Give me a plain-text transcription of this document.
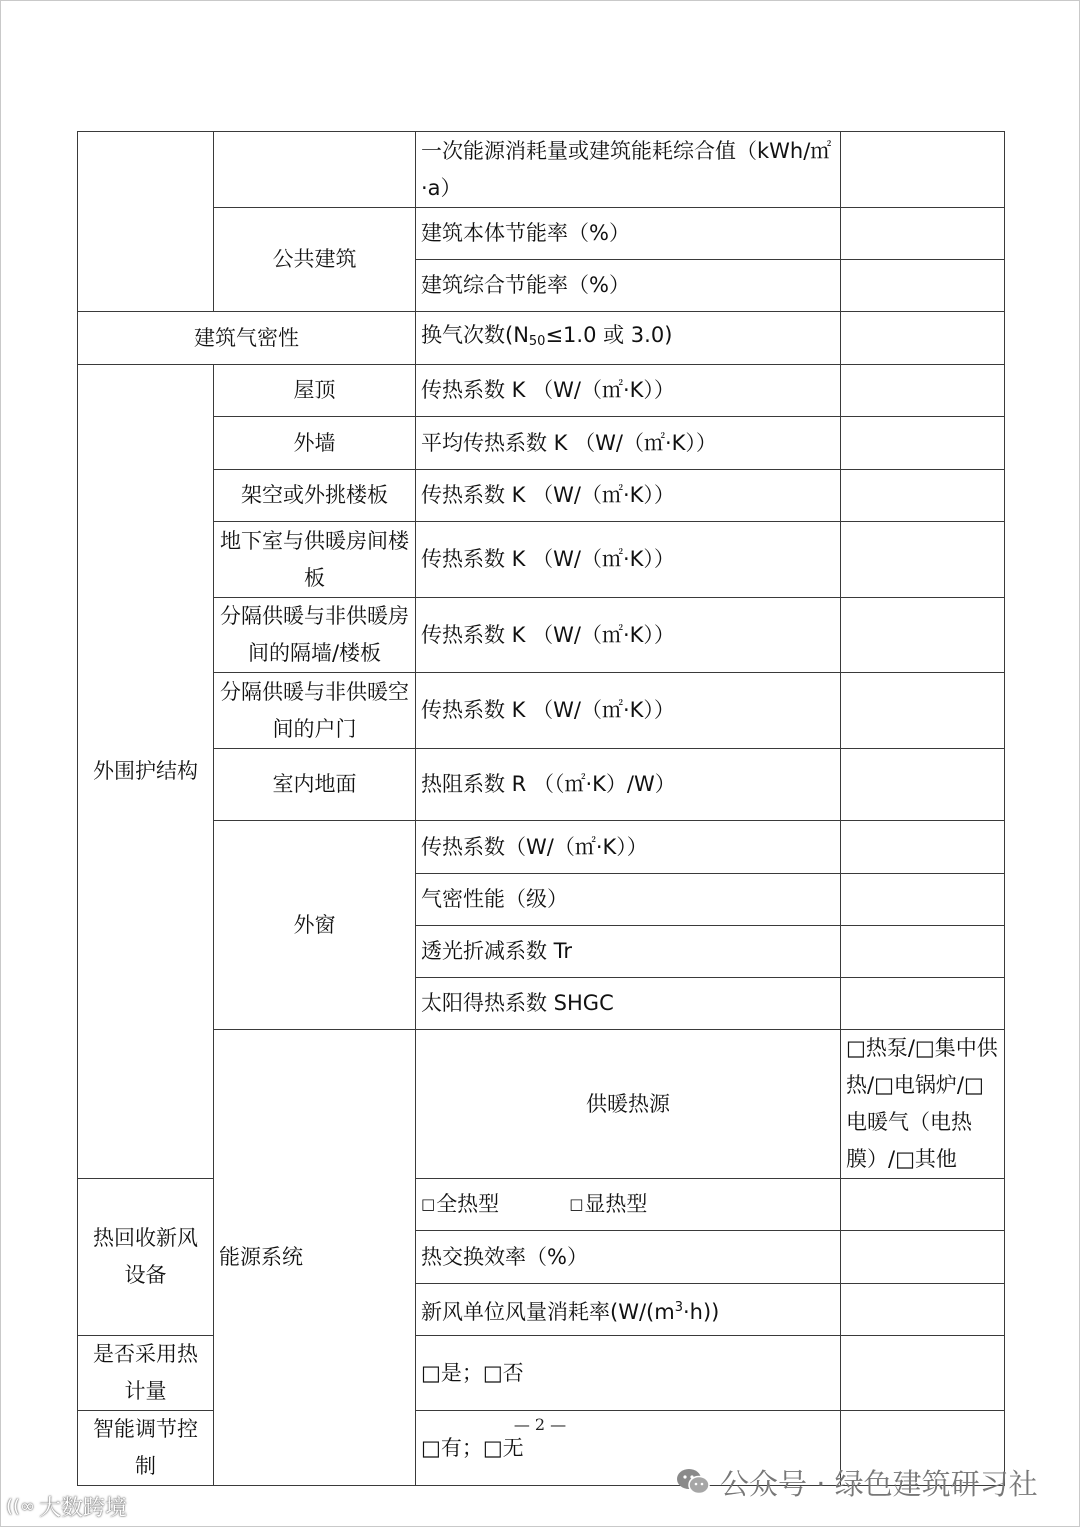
		一次能源消耗量或建筑能耗综合值（kWh/㎡·a）		
	公共建筑	建筑本体节能率（%）		
		建筑综合节能率（%）		
建筑气密性		换气次数($N_{50}\le 1.0$ 或 3.0)		
外围护结构	屋顶	传热系数 K （W/（㎡·K））		
	外墙	平均传热系数 K （W/（㎡·K））		
	架空或外挑楼板	传热系数 K （W/（㎡·K））		
	地下室与供暖房间楼板	传热系数 K （W/（㎡·K））		
	分隔供暖与非供暖房间的隔墙/楼板	传热系数 K （W/（㎡·K））		
	分隔供暖与非供暖空间的户门	传热系数 K （W/（㎡·K））		
	室内地面	热阻系数 R （（㎡·K）/W）		
	外窗	传热系数（W/（㎡·K））		
		气密性能（级）		
		透光折减系数 Tr		
		太阳得热系数 SHGC		
	能源系统	供暖热源	□热泵/□集中供热/□电锅炉/□电暖气（电热膜）/□其他	
热回收新风设备		□全热型 □显热型		
		热交换效率（%）		
		新风单位风量消耗率$(W/(m^3\cdot h))$		
是否采用热计量		□是；□否		
智能调节控制		□有；□无		
— 2 —
公众号 · 绿色建筑研习社
((∞ 大数跨境
